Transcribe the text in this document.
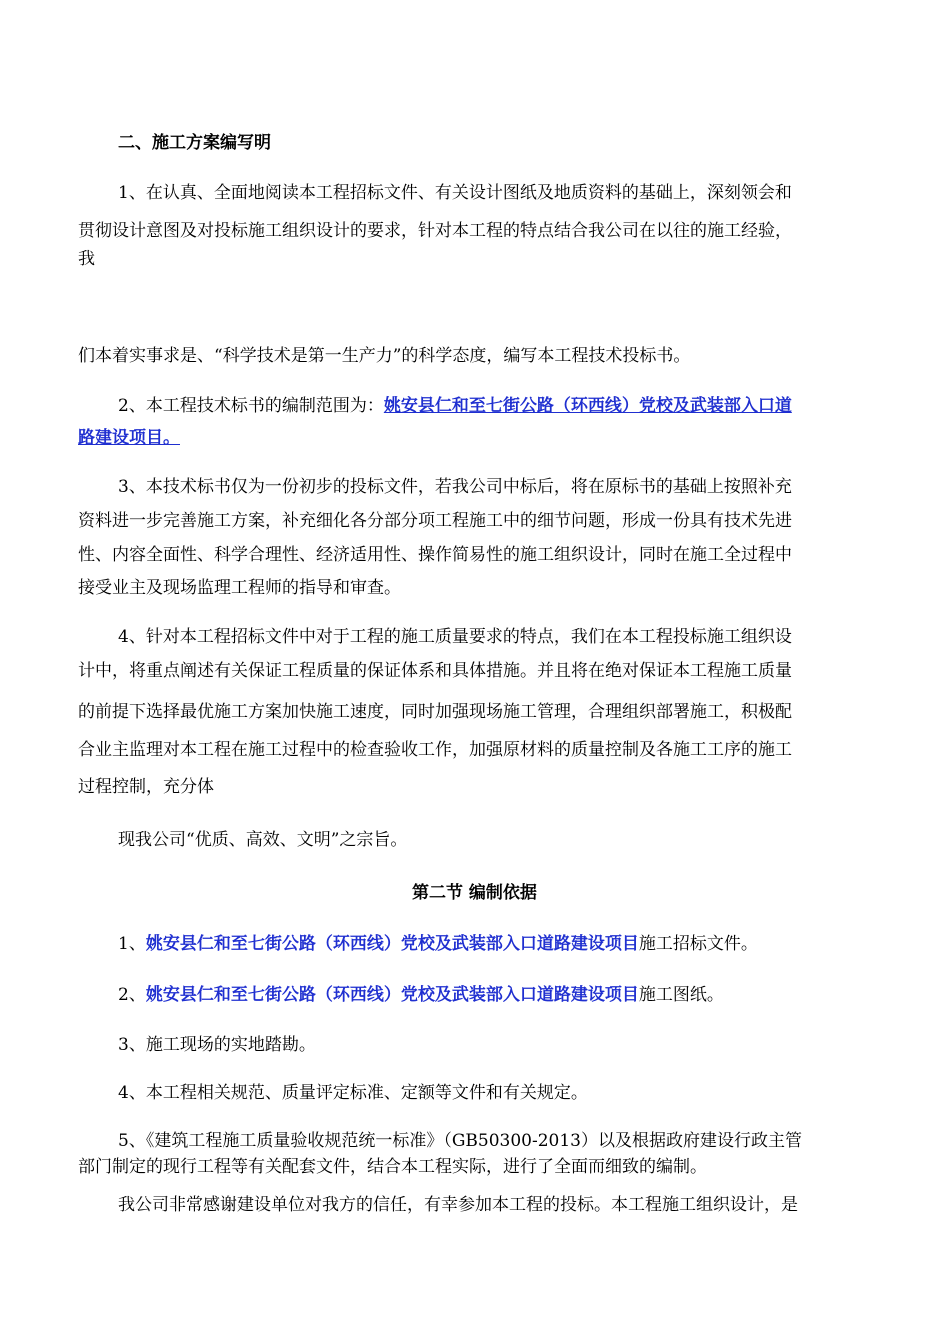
二、施工方案编写明

1、在认真、全面地阅读本工程招标文件、有关设计图纸及地质资料的基础上，深刻领会和

贯彻设计意图及对投标施工组织设计的要求，针对本工程的特点结合我公司在以往的施工经验，

我

们本着实事求是、“科学技术是第一生产力”的科学态度，编写本工程技术投标书。

2、本工程技术标书的编制范围为：姚安县仁和至七街公路（环西线）党校及武装部入口道

路建设项目。

3、本技术标书仅为一份初步的投标文件，若我公司中标后，将在原标书的基础上按照补充

资料进一步完善施工方案，补充细化各分部分项工程施工中的细节问题，形成一份具有技术先进

性、内容全面性、科学合理性、经济适用性、操作简易性的施工组织设计，同时在施工全过程中

接受业主及现场监理工程师的指导和审查。

4、针对本工程招标文件中对于工程的施工质量要求的特点，我们在本工程投标施工组织设

计中，将重点阐述有关保证工程质量的保证体系和具体措施。并且将在绝对保证本工程施工质量

的前提下选择最优施工方案加快施工速度，同时加强现场施工管理，合理组织部署施工，积极配

合业主监理对本工程在施工过程中的检查验收工作，加强原材料的质量控制及各施工工序的施工

过程控制，充分体

现我公司“优质、高效、文明”之宗旨。

第二节 编制依据

1、姚安县仁和至七街公路（环西线）党校及武装部入口道路建设项目施工招标文件。

2、姚安县仁和至七街公路（环西线）党校及武装部入口道路建设项目施工图纸。

3、施工现场的实地踏勘。

4、本工程相关规范、质量评定标准、定额等文件和有关规定。

5、《建筑工程施工质量验收规范统一标准》（GB50300-2013）以及根据政府建设行政主管

部门制定的现行工程等有关配套文件，结合本工程实际，进行了全面而细致的编制。

我公司非常感谢建设单位对我方的信任，有幸参加本工程的投标。本工程施工组织设计，是
